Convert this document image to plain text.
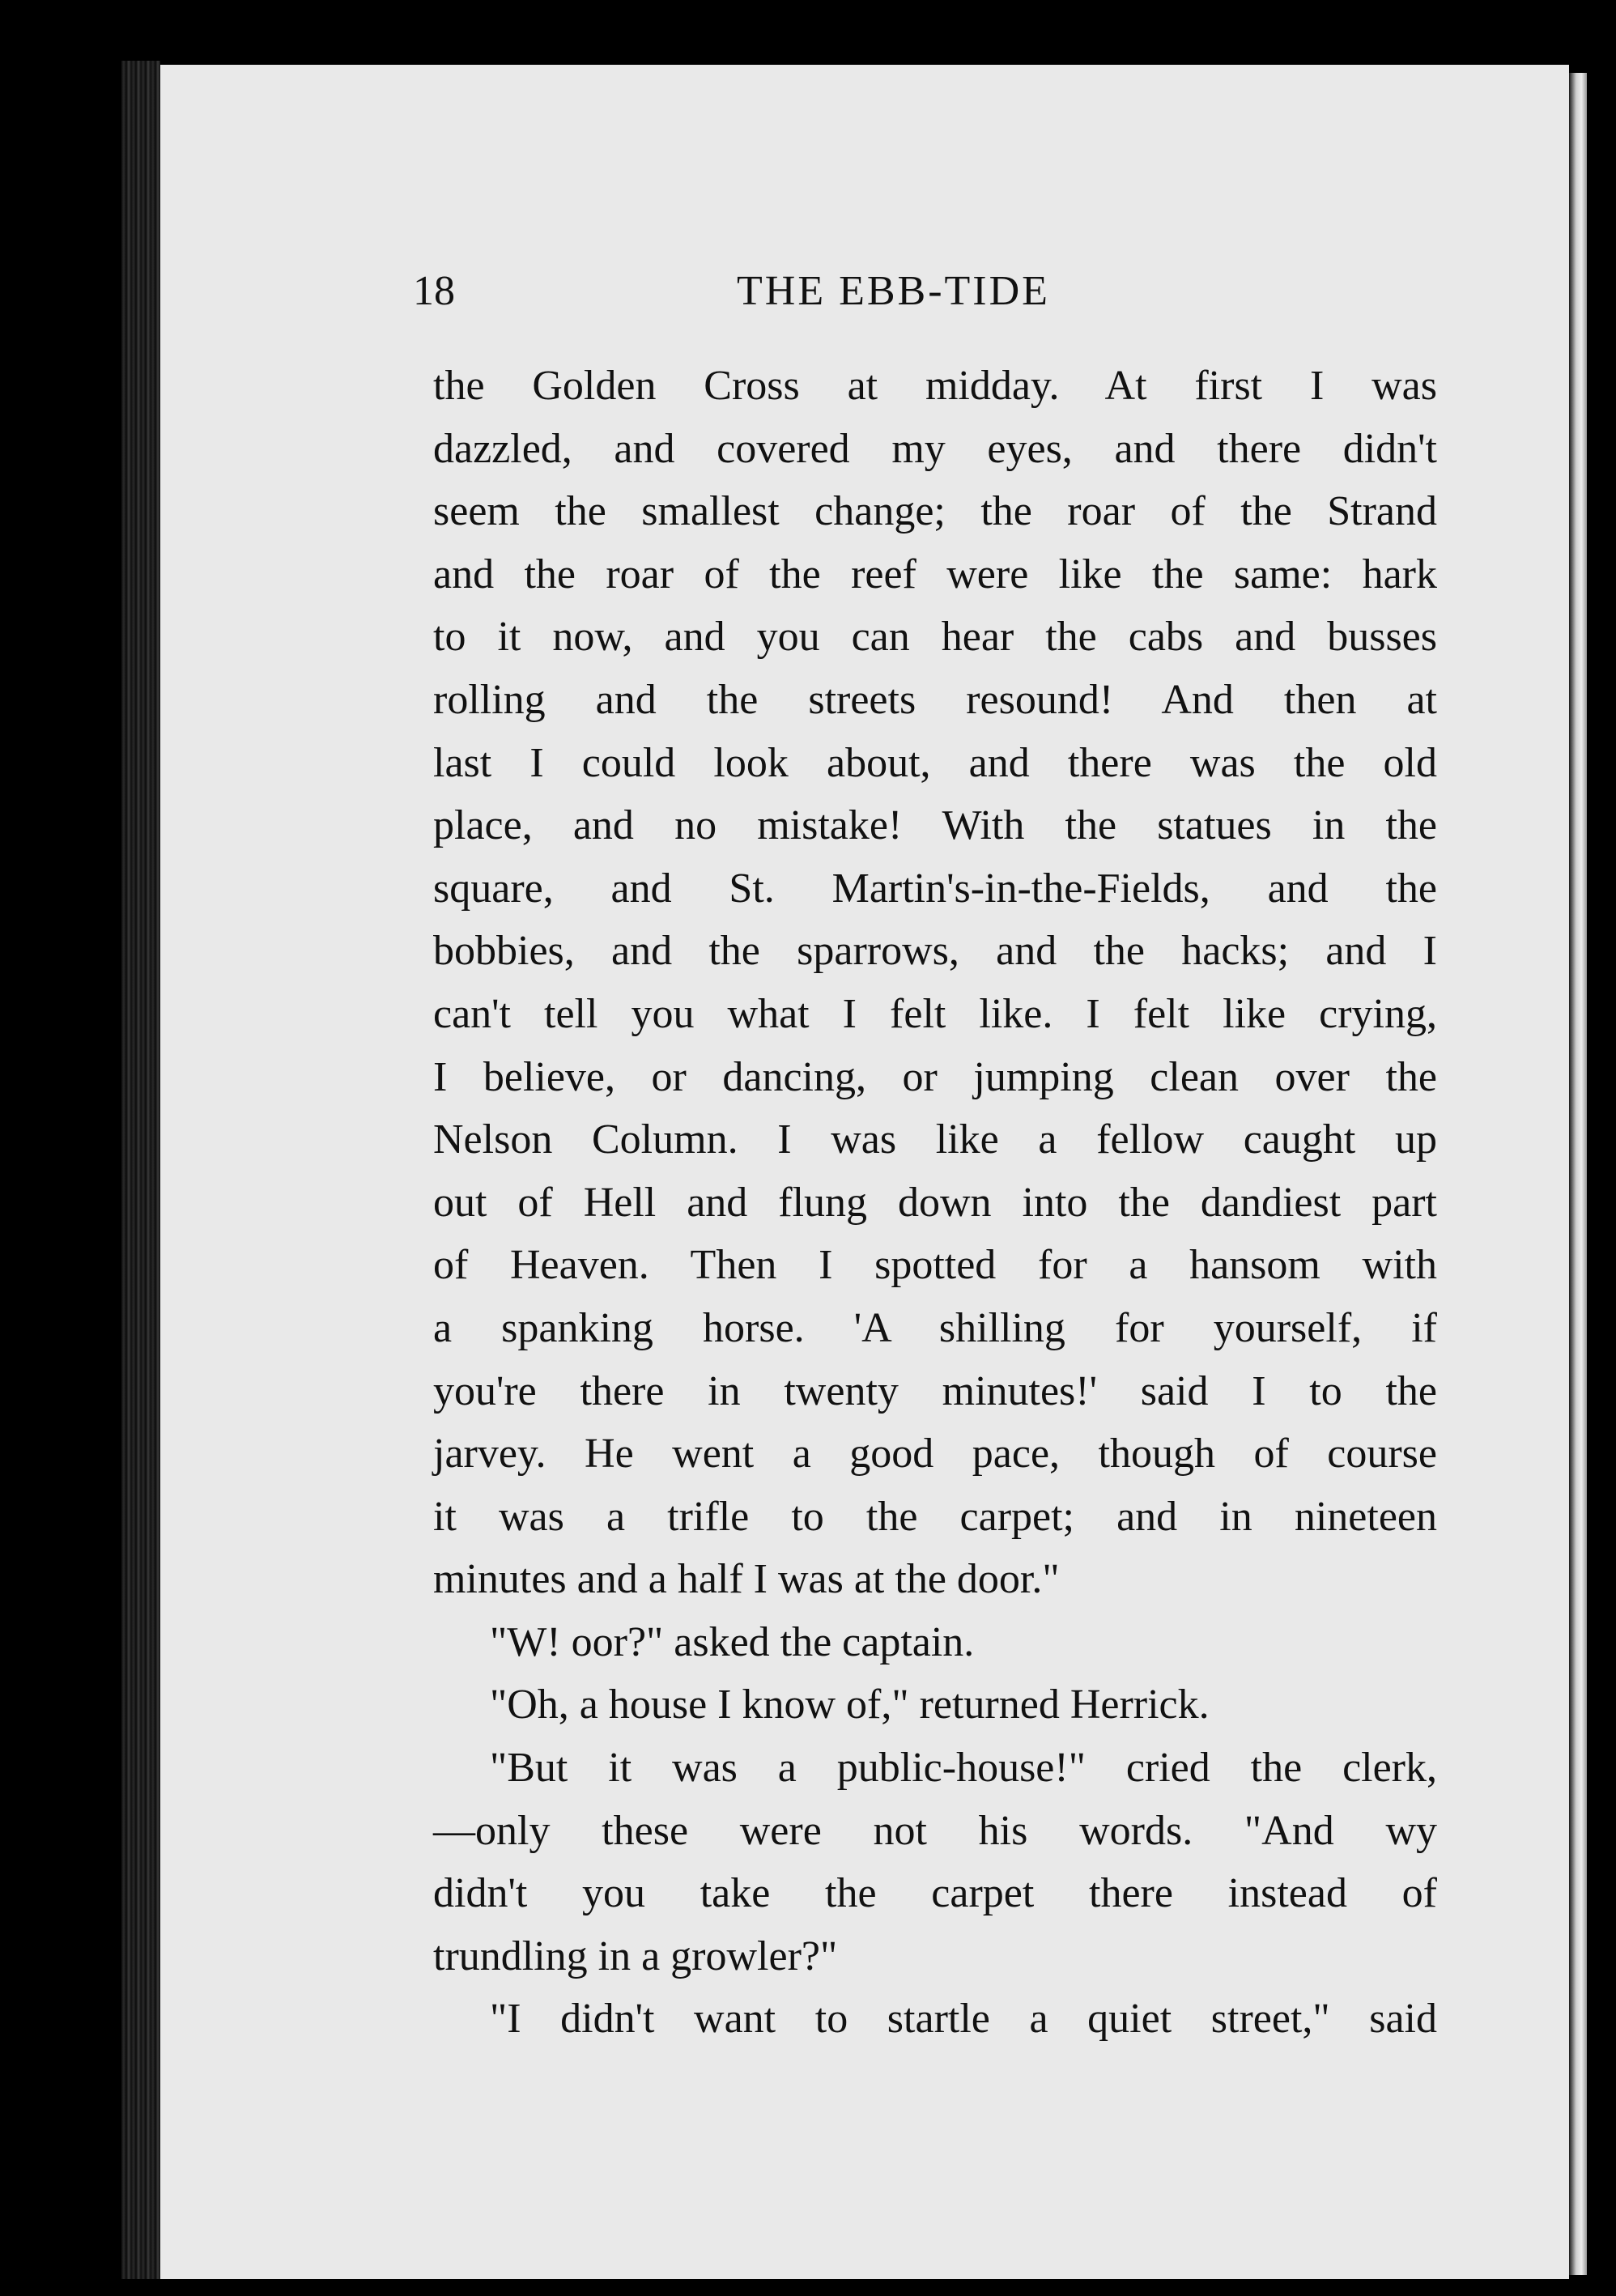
18	THE EBB-TIDE
the Golden Cross at midday. At first I was
dazzled, and covered my eyes, and there didn't
seem the smallest change; the roar of the Strand
and the roar of the reef were like the same: hark
to it now, and you can hear the cabs and busses
rolling and the streets resound! And then at
last I could look about, and there was the old
place, and no mistake! With the statues in the
square, and St. Martin's-in-the-Fields, and the
bobbies, and the sparrows, and the hacks; and I
can't tell you what I felt like. I felt like crying,
I believe, or dancing, or jumping clean over the
Nelson Column. I was like a fellow caught up
out of Hell and flung down into the dandiest part
of Heaven. Then I spotted for a hansom with
a spanking horse. 'A shilling for yourself, if
you're there in twenty minutes!' said I to the
jarvey. He went a good pace, though of course
it was a trifle to the carpet; and in nineteen
minutes and a half I was at the door."
"W! oor?" asked the captain.
"Oh, a house I know of," returned Herrick.
"But it was a public-house!" cried the clerk,
—only these were not his words. "And wy
didn't you take the carpet there instead of
trundling in a growler?"
"I didn't want to startle a quiet street," said
